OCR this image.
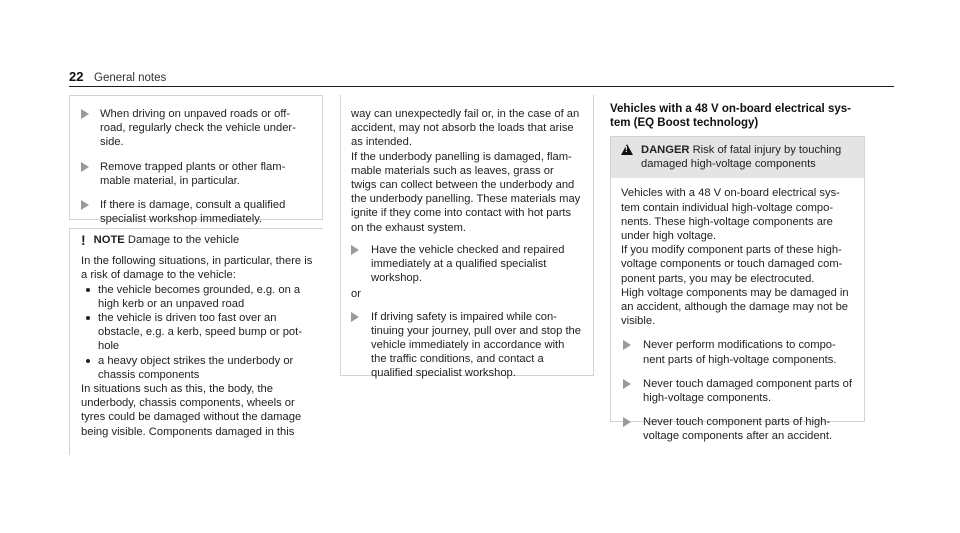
22 General notes

When driving on unpaved roads or off-road, regularly check the vehicle under-side.

Remove trapped plants or other flam-mable material, in particular.

If there is damage, consult a qualified specialist workshop immediately.

! NOTE Damage to the vehicle

In the following situations, in particular, there is a risk of damage to the vehicle:

the vehicle becomes grounded, e.g. on a high kerb or an unpaved road

the vehicle is driven too fast over an obstacle, e.g. a kerb, speed bump or pot-hole

a heavy object strikes the underbody or chassis components

In situations such as this, the body, the underbody, chassis components, wheels or tyres could be damaged without the damage being visible. Components damaged in this

way can unexpectedly fail or, in the case of an accident, may not absorb the loads that arise as intended.

If the underbody panelling is damaged, flam-mable materials such as leaves, grass or twigs can collect between the underbody and the underbody panelling. These materials may ignite if they come into contact with hot parts on the exhaust system.

Have the vehicle checked and repaired immediately at a qualified specialist workshop.

or

If driving safety is impaired while con-tinuing your journey, pull over and stop the vehicle immediately in accordance with the traffic conditions, and contact a qualified specialist workshop.

Vehicles with a 48 V on-board electrical sys-
tem (EQ Boost technology)
! DANGER Risk of fatal injury by touching damaged high-voltage components

Vehicles with a 48 V on-board electrical sys-tem contain individual high-voltage compo-nents. These high-voltage components are under high voltage.

If you modify component parts of these high-voltage components or touch damaged com-ponent parts, you may be electrocuted.

High voltage components may be damaged in an accident, although the damage may not be visible.

Never perform modifications to compo-nent parts of high-voltage components.

Never touch damaged component parts of high-voltage components.

Never touch component parts of high-voltage components after an accident.
